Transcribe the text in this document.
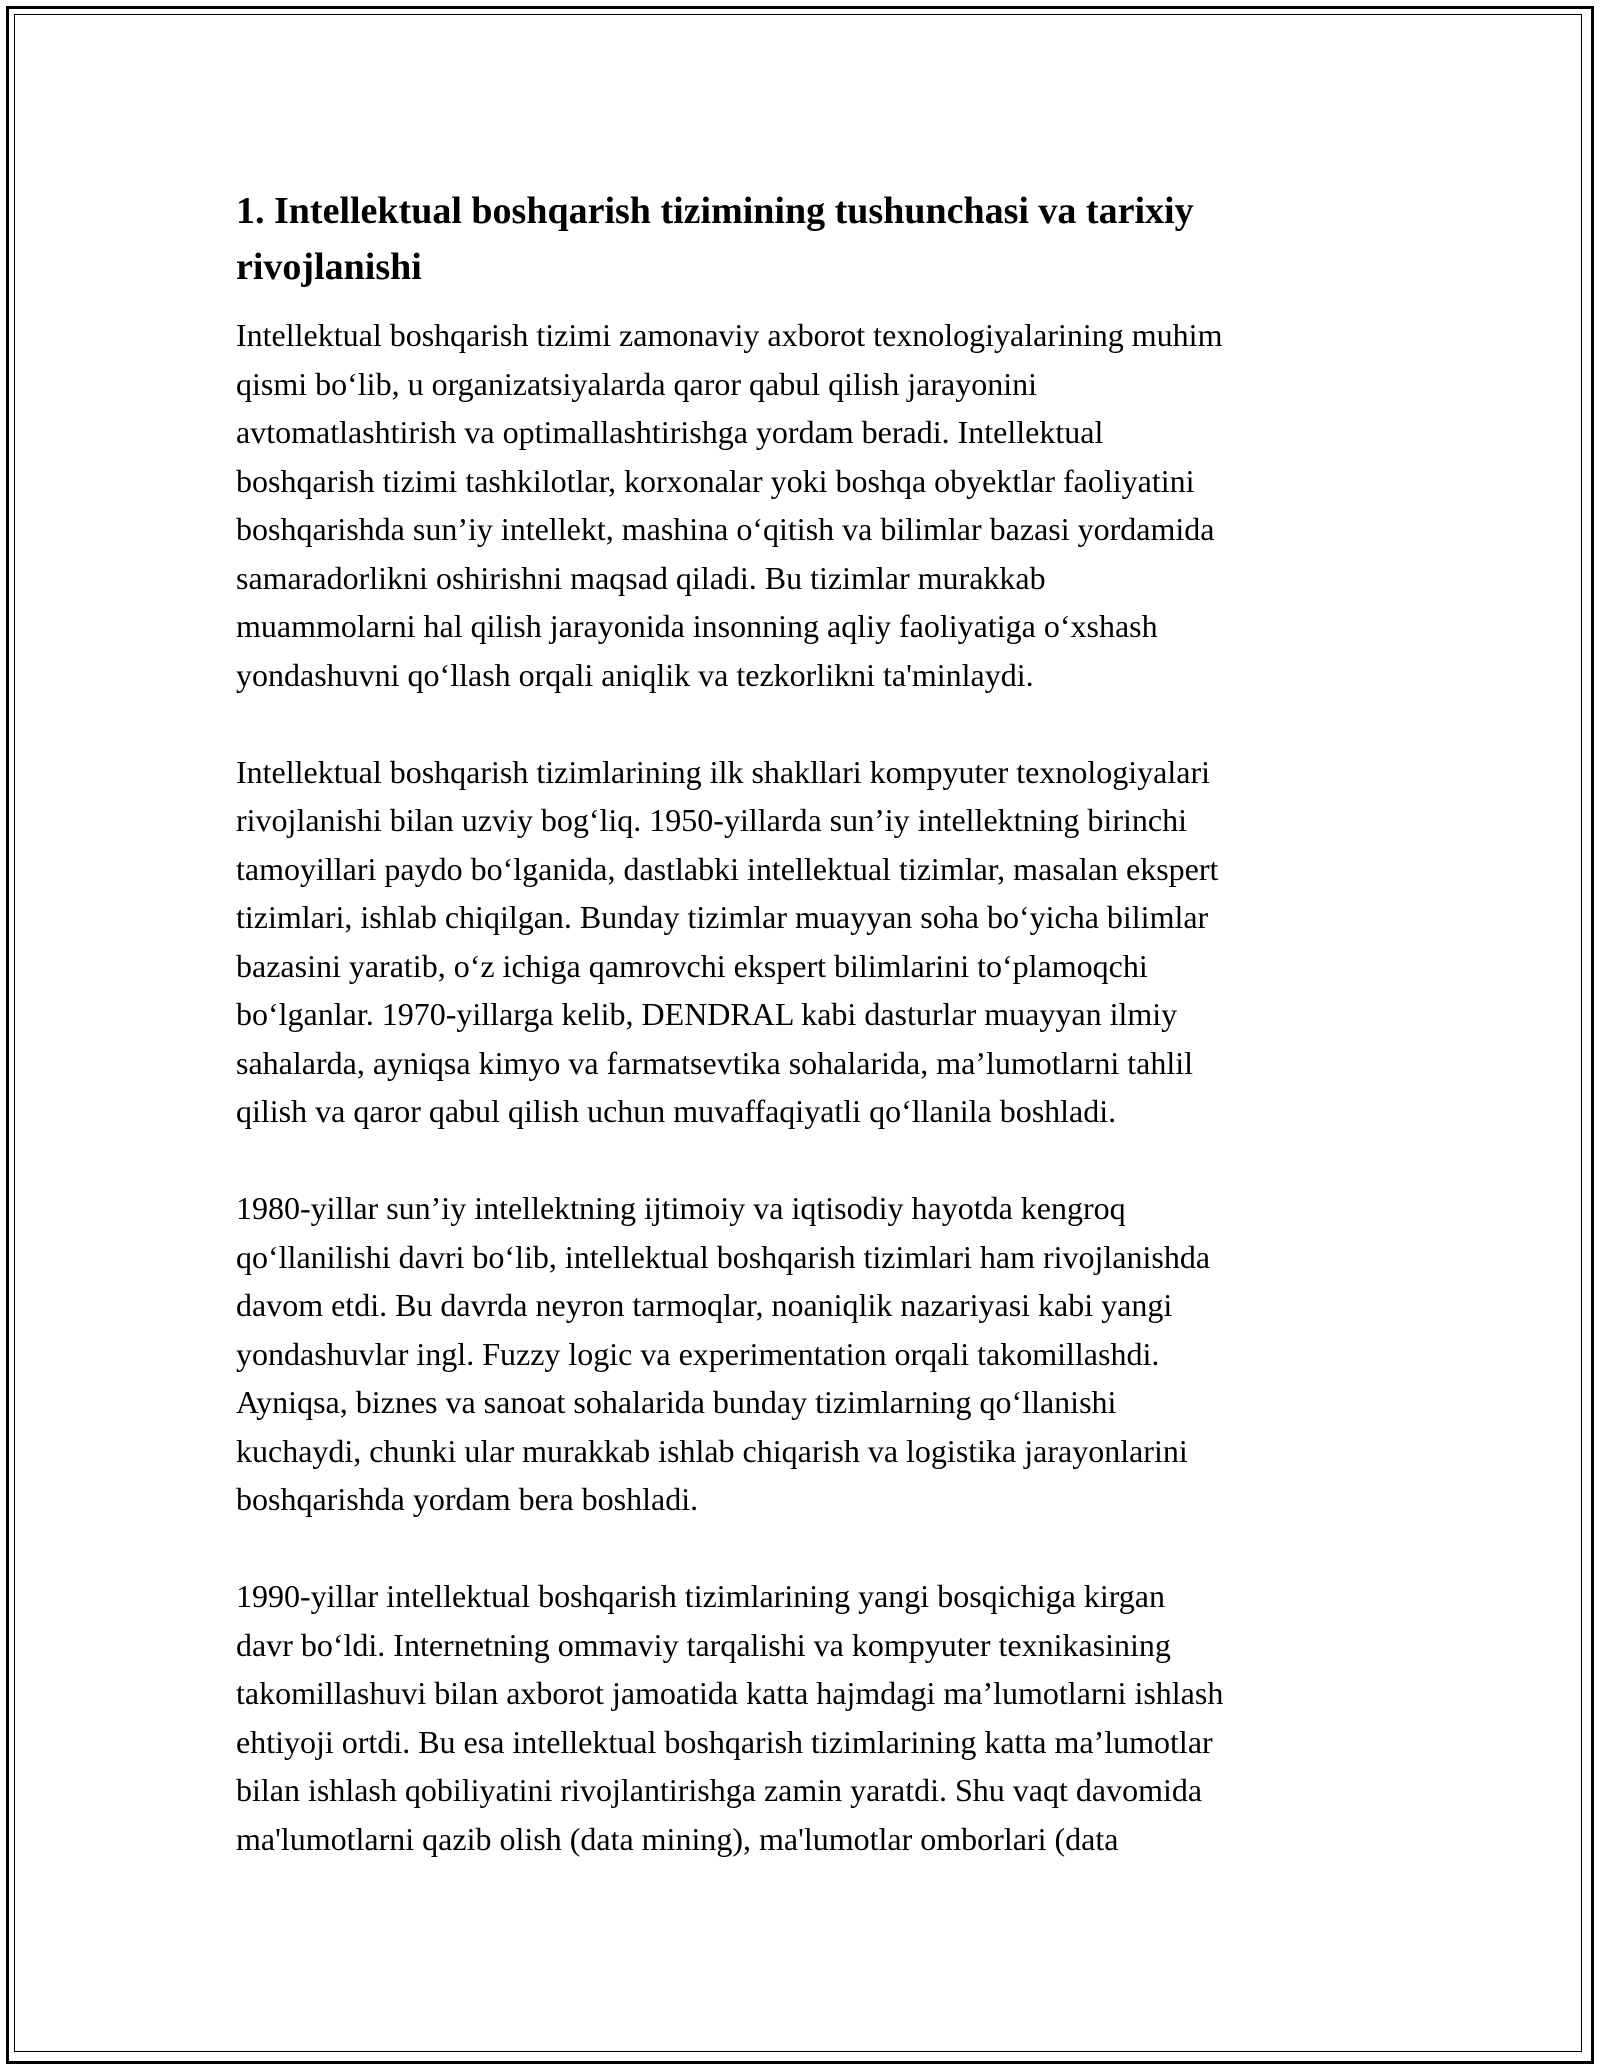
1. Intellektual boshqarish tizimining tushunchasi va tarixiy
rivojlanishi

Intellektual boshqarish tizimi zamonaviy axborot texnologiyalarining muhim
qismi bo‘lib, u organizatsiyalarda qaror qabul qilish jarayonini
avtomatlashtirish va optimallashtirishga yordam beradi. Intellektual
boshqarish tizimi tashkilotlar, korxonalar yoki boshqa obyektlar faoliyatini
boshqarishda sun’iy intellekt, mashina o‘qitish va bilimlar bazasi yordamida
samaradorlikni oshirishni maqsad qiladi. Bu tizimlar murakkab
muammolarni hal qilish jarayonida insonning aqliy faoliyatiga o‘xshash
yondashuvni qo‘llash orqali aniqlik va tezkorlikni ta'minlaydi.

Intellektual boshqarish tizimlarining ilk shakllari kompyuter texnologiyalari
rivojlanishi bilan uzviy bog‘liq. 1950-yillarda sun’iy intellektning birinchi
tamoyillari paydo bo‘lganida, dastlabki intellektual tizimlar, masalan ekspert
tizimlari, ishlab chiqilgan. Bunday tizimlar muayyan soha bo‘yicha bilimlar
bazasini yaratib, o‘z ichiga qamrovchi ekspert bilimlarini to‘plamoqchi
bo‘lganlar. 1970-yillarga kelib, DENDRAL kabi dasturlar muayyan ilmiy
sahalarda, ayniqsa kimyo va farmatsevtika sohalarida, ma’lumotlarni tahlil
qilish va qaror qabul qilish uchun muvaffaqiyatli qo‘llanila boshladi.

1980-yillar sun’iy intellektning ijtimoiy va iqtisodiy hayotda kengroq
qo‘llanilishi davri bo‘lib, intellektual boshqarish tizimlari ham rivojlanishda
davom etdi. Bu davrda neyron tarmoqlar, noaniqlik nazariyasi kabi yangi
yondashuvlar ingl. Fuzzy logic va experimentation orqali takomillashdi.
Ayniqsa, biznes va sanoat sohalarida bunday tizimlarning qo‘llanishi
kuchaydi, chunki ular murakkab ishlab chiqarish va logistika jarayonlarini
boshqarishda yordam bera boshladi.

1990-yillar intellektual boshqarish tizimlarining yangi bosqichiga kirgan
davr bo‘ldi. Internetning ommaviy tarqalishi va kompyuter texnikasining
takomillashuvi bilan axborot jamoatida katta hajmdagi ma’lumotlarni ishlash
ehtiyoji ortdi. Bu esa intellektual boshqarish tizimlarining katta ma’lumotlar
bilan ishlash qobiliyatini rivojlantirishga zamin yaratdi. Shu vaqt davomida
ma'lumotlarni qazib olish (data mining), ma'lumotlar omborlari (data
